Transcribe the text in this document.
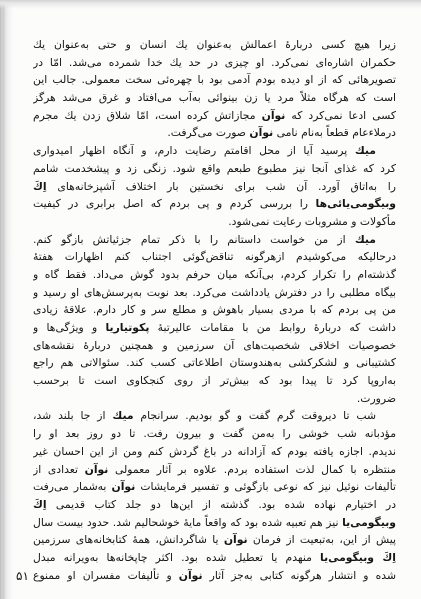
زیرا هیچ کسی دربارهٔ اعمالش به‌عنوان یك انسان و حتی به‌عنوان یك
حکمران اشاره‌ای نمی‌کرد. او چیزی در حد یك خدا شمرده می‌شد. امّا در
تصویرهائی که از او دیده بودم آدمی بود با چهره‌ئی سخت معمولی. جالب این
است که هرگاه مثلاً مرد یا زن بینوائی به‌آب می‌افتاد و غرق می‌شد هرگز
کسی ادعا نمی‌کرد که نوآن مجازاتش کرده است، امّا شلاق زدن یك مجرم
درملاءعام قطعاً به‌نام نامی نوآن صورت می‌گرفت.
میك پرسید آیا از محل اقامتم رضایت دارم، و آنگاه اظهار امیدواری
کرد که غذای آنجا نیز مطبوع طبعم واقع شود. زنگی زد و پیشخدمت شامم
را به‌اتاق آورد. آن شب برای نخستین بار اختلاف آشپزخانه‌های اِكَ
وبیگومی‌یائی‌ها را بررسی کردم و پی بردم که اصل برابری در کیفیت
مأکولات و مشروبات رعایت نمی‌شود.
میك از من خواست داستانم را با ذکر تمام جزئیاتش بازگو کنم.
درحالیکه می‌کوشیدم ازهرگونه تناقض‌گوئی اجتناب کنم اظهارات هفتهٔ
گذشته‌ام را تکرار کردم، بی‌آنکه میان حرفم بدود گوش می‌داد. فقط گاه و
بیگاه مطلبی را در دفترش یادداشت می‌کرد. بعد نوبت به‌پرسش‌های او رسید و
من پی بردم که با مردی بسیار باهوش و مطلع سر و کار دارم. علاقهٔ زیادی
داشت که دربارهٔ روابط من با مقامات عالیرتبهٔ پکوتیاریا و ویژگی‌ها و
خصوصیات اخلاقی شخصیت‌های آن سرزمین و همچنین دربارهٔ نقشه‌های
کشتیبانی و لشکرکشی به‌هندوستان اطلاعاتی کسب کند. سئوالاتی هم راجع
به‌اروپا کرد تا پیدا بود که بیش‌تر از روی کنجکاوی است تا برحسب
ضرورت.
شب تا دیروقت گرم گفت و گو بودیم. سرانجام میك از جا بلند شد،
مؤدبانه شب خوشی را به‌من گفت و بیرون رفت. تا دو روز بعد او را
ندیدم. اجازه یافته بودم که آزادانه در باغ گردش کنم ومن از این احسان غیر
منتظره با کمال لذت استفاده بردم. علاوه بر آثار معمولی نوآن تعدادی از
تألیفات نوئیل نیز که نوعی بازگوئی و تفسیر فرمایشات نوآن به‌شمار می‌رفت
در اختیارم نهاده شده بود. گذشته از این‌ها دو جلد کتاب قدیمی اِكَ
وبیگومی‌یا نیز هم تعبیه شده بود که واقعاً مایهٔ خوشحالیم شد. حدود بیست سال
پیش از این، به‌تبعیت از فرمان نوآن یا شاگردانش، همهٔ کتابخانه‌های سرزمین
اِكَ وبیگومی‌یا منهدم یا تعطیل شده بود. اکثر چاپخانه‌ها به‌ویرانه مبدل
شده و انتشار هرگونه کتابی به‌جز آثار نوآن و تألیفات مفسران او ممنوع
۵۱
